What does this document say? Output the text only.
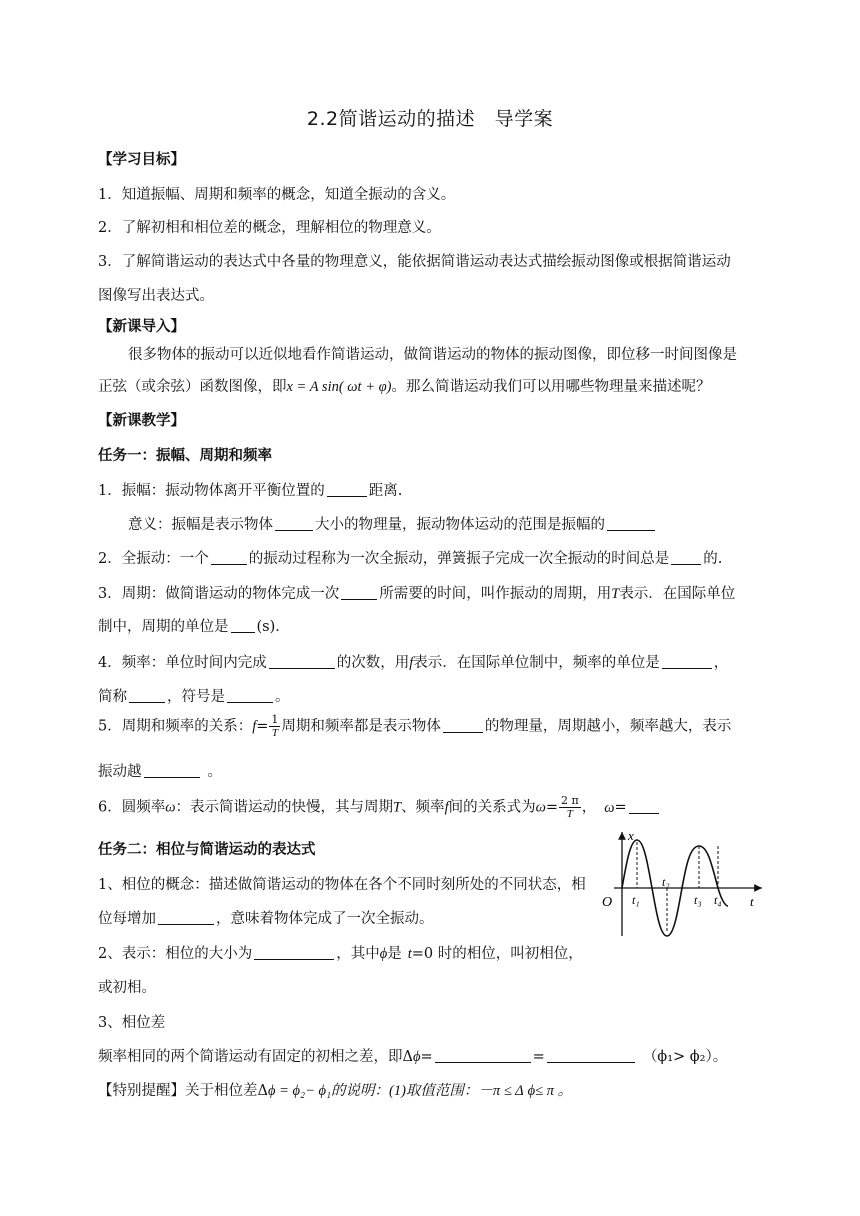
2.2简谐运动的描述　导学案
【学习目标】
1．知道振幅、周期和频率的概念，知道全振动的含义。
2．了解初相和相位差的概念，理解相位的物理意义。
3．了解简谐运动的表达式中各量的物理意义，能依据简谐运动表达式描绘振动图像或根据简谐运动
图像写出表达式。
【新课导入】
很多物体的振动可以近似地看作简谐运动，做简谐运动的物体的振动图像，即位移一时间图像是
正弦（或余弦）函数图像，即x = A sin( ωt + φ)。那么简谐运动我们可以用哪些物理量来描述呢？
【新课教学】
任务一：振幅、周期和频率
1．振幅：振动物体离开平衡位置的	距离.
意义：振幅是表示物体	大小的物理量，振动物体运动的范围是振幅的
2．全振动：一个	的振动过程称为一次全振动，弹簧振子完成一次全振动的时间总是 的.
3．周期：做简谐运动的物体完成一次	所需要的时间，叫作振动的周期，用T表示．在国际单位
制中，周期的单位是 (s)．
4．频率：单位时间内完成	的次数，用f表示．在国际单位制中，频率的单位是	，
简称	，符号是	。
5．周期和频率的关系：$f= \frac{1}{T}$ 周期和频率都是表示物体	的物理量，周期越小，频率越大，表示
振动越	。
6．圆频率ω：表示简谐运动的快慢，其与周期T、频率f间的关系式为$\omega= \frac{2 \pi}{T}$ ， ω=
任务二：相位与简谐运动的表达式
1、相位的概念：描述做简谐运动的物体在各个不同时刻所处的不同状态，相
位每增加	，意味着物体完成了一次全振动。
2、表示：相位的大小为	，其中ϕ是 t=0 时的相位，叫初相位，
或初相。
3、相位差
频率相同的两个简谐运动有固定的初相之差，即Δϕ=	=	（ϕ₁> ϕ₂）。
【特别提醒】关于相位差Δϕ = ϕ₂− ϕ₁的说明：(1)取值范围：－π ≤ Δ ϕ≤ π 。
x
t
O t₁
t₂
t₃ t₄
